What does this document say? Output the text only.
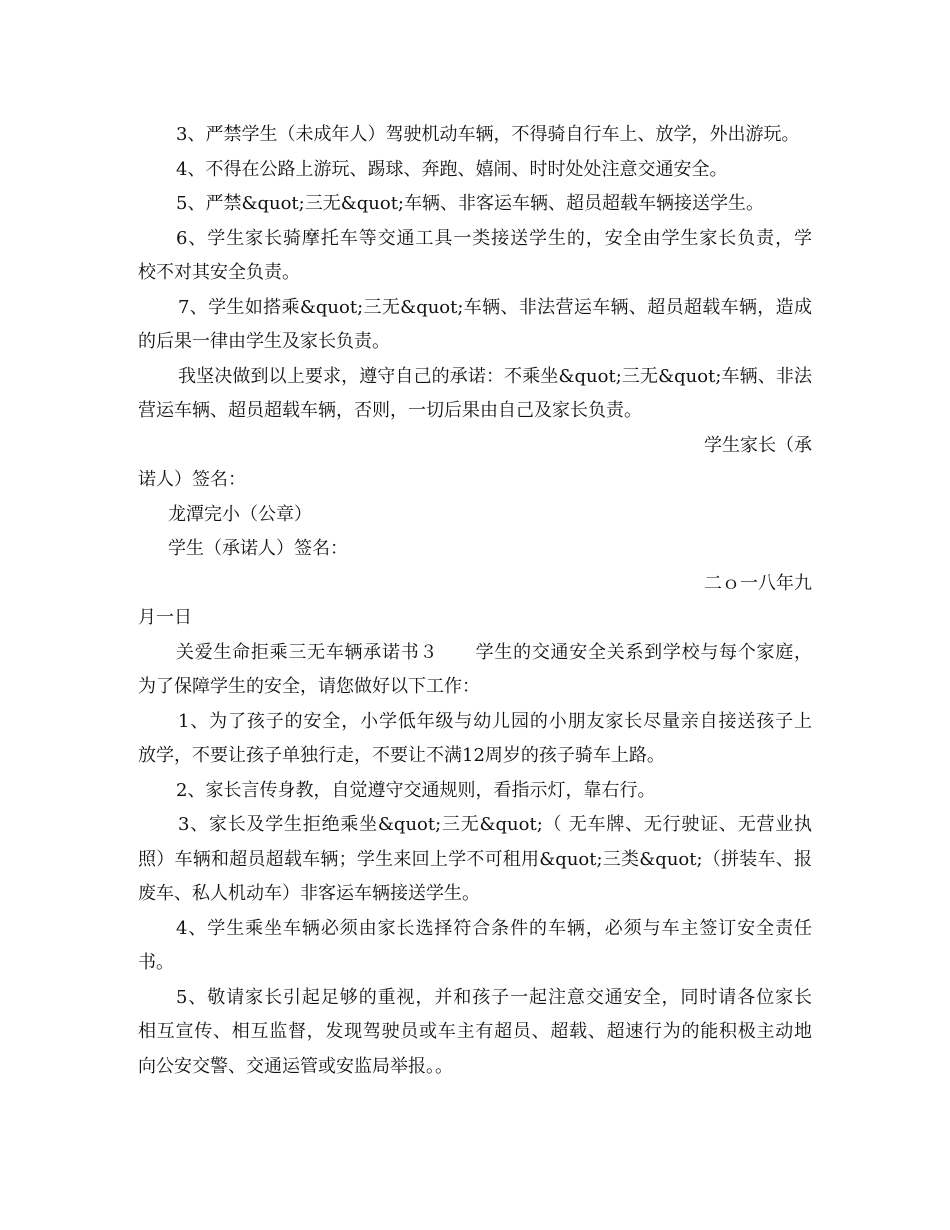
3、严禁学生（未成年人）驾驶机动车辆，不得骑自行车上、放学，外出游玩。
4、不得在公路上游玩、踢球、奔跑、嬉闹、时时处处注意交通安全。
5、严禁&quot;三无&quot;车辆、非客运车辆、超员超载车辆接送学生。
6、学生家长骑摩托车等交通工具一类接送学生的，安全由学生家长负责，学
校不对其安全负责。
7、学生如搭乘&quot;三无&quot;车辆、非法营运车辆、超员超载车辆，造成
的后果一律由学生及家长负责。
我坚决做到以上要求，遵守自己的承诺：不乘坐&quot;三无&quot;车辆、非法
营运车辆、超员超载车辆，否则，一切后果由自己及家长负责。
学生家长（承
诺人）签名：
龙潭完小（公章）
学生（承诺人）签名：
二ｏ一八年九
月一日
关爱生命拒乘三无车辆承诺书３　　学生的交通安全关系到学校与每个家庭，
为了保障学生的安全，请您做好以下工作：
1、为了孩子的安全，小学低年级与幼儿园的小朋友家长尽量亲自接送孩子上
放学，不要让孩子单独行走，不要让不满12周岁的孩子骑车上路。
2、家长言传身教，自觉遵守交通规则，看指示灯，靠右行。
3、家长及学生拒绝乘坐&quot;三无&quot;（ 无车牌、无行驶证、无营业执
照）车辆和超员超载车辆；学生来回上学不可租用&quot;三类&quot;（拼装车、报
废车、私人机动车）非客运车辆接送学生。
4、学生乘坐车辆必须由家长选择符合条件的车辆，必须与车主签订安全责任
书。
5、敬请家长引起足够的重视，并和孩子一起注意交通安全，同时请各位家长
相互宣传、相互监督，发现驾驶员或车主有超员、超载、超速行为的能积极主动地
向公安交警、交通运管或安监局举报。。
